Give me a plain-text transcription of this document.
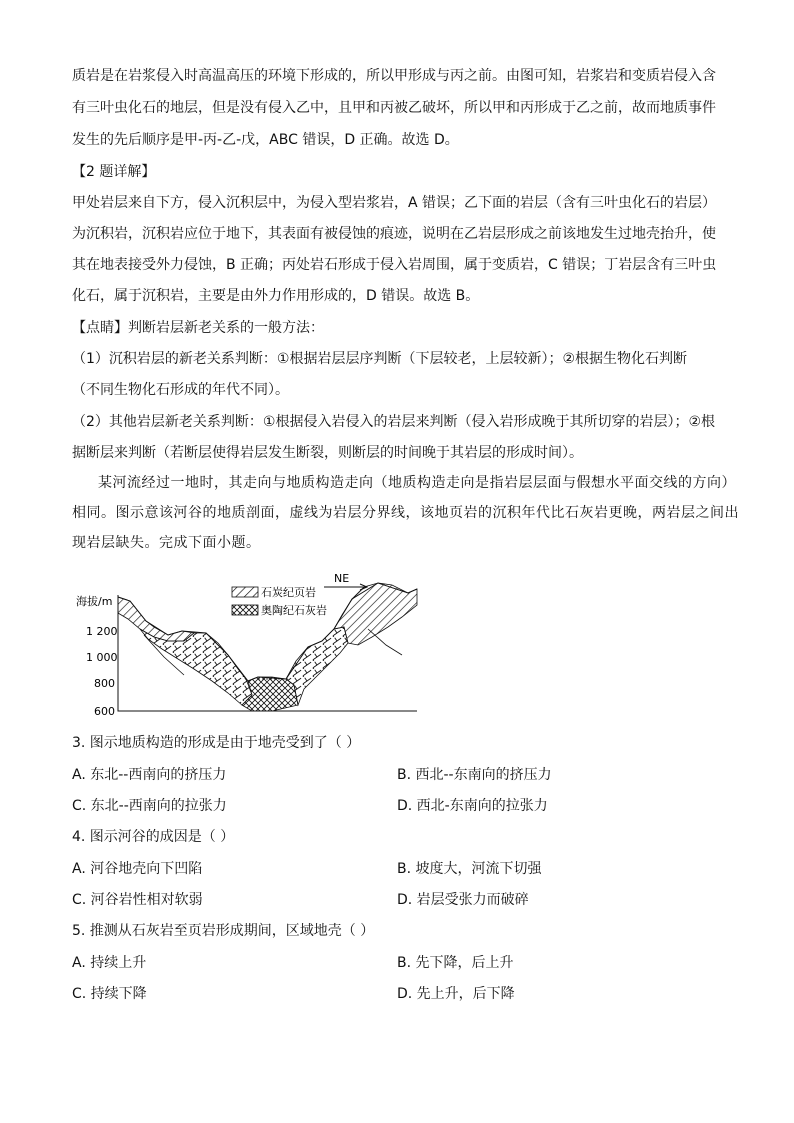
质岩是在岩浆侵入时高温高压的环境下形成的，所以甲形成与丙之前。由图可知，岩浆岩和变质岩侵入含
有三叶虫化石的地层，但是没有侵入乙中，且甲和丙被乙破坏，所以甲和丙形成于乙之前，故而地质事件
发生的先后顺序是甲-丙-乙-戊，ABC 错误，D 正确。故选 D。
【2 题详解】
甲处岩层来自下方，侵入沉积层中，为侵入型岩浆岩，A 错误；乙下面的岩层（含有三叶虫化石的岩层）
为沉积岩，沉积岩应位于地下，其表面有被侵蚀的痕迹，说明在乙岩层形成之前该地发生过地壳抬升，使
其在地表接受外力侵蚀，B 正确；丙处岩石形成于侵入岩周围，属于变质岩，C 错误；丁岩层含有三叶虫
化石，属于沉积岩，主要是由外力作用形成的，D 错误。故选 B。
【点睛】判断岩层新老关系的一般方法：
（1）沉积岩层的新老关系判断：①根据岩层层序判断（下层较老，上层较新）；②根据生物化石判断
（不同生物化石形成的年代不同）。
（2）其他岩层新老关系判断：①根据侵入岩侵入的岩层来判断（侵入岩形成晚于其所切穿的岩层）；②根
据断层来判断（若断层使得岩层发生断裂，则断层的时间晚于其岩层的形成时间）。
某河流经过一地时，其走向与地质构造走向（地质构造走向是指岩层层面与假想水平面交线的方向）
相同。图示意该河谷的地质剖面，虚线为岩层分界线，该地页岩的沉积年代比石灰岩更晚，两岩层之间出
现岩层缺失。完成下面小题。
海拔/m
1 200
1 000
800
600
NE
石炭纪页岩
奥陶纪石灰岩
3. 图示地质构造的形成是由于地壳受到了（ ）
A. 东北--西南向的挤压力	B. 西北--东南向的挤压力
C. 东北--西南向的拉张力	D. 西北-东南向的拉张力
4. 图示河谷的成因是（ ）
A. 河谷地壳向下凹陷	B. 坡度大，河流下切强
C. 河谷岩性相对软弱	D. 岩层受张力而破碎
5. 推测从石灰岩至页岩形成期间，区域地壳（ ）
A. 持续上升	B. 先下降，后上升
C. 持续下降	D. 先上升，后下降
